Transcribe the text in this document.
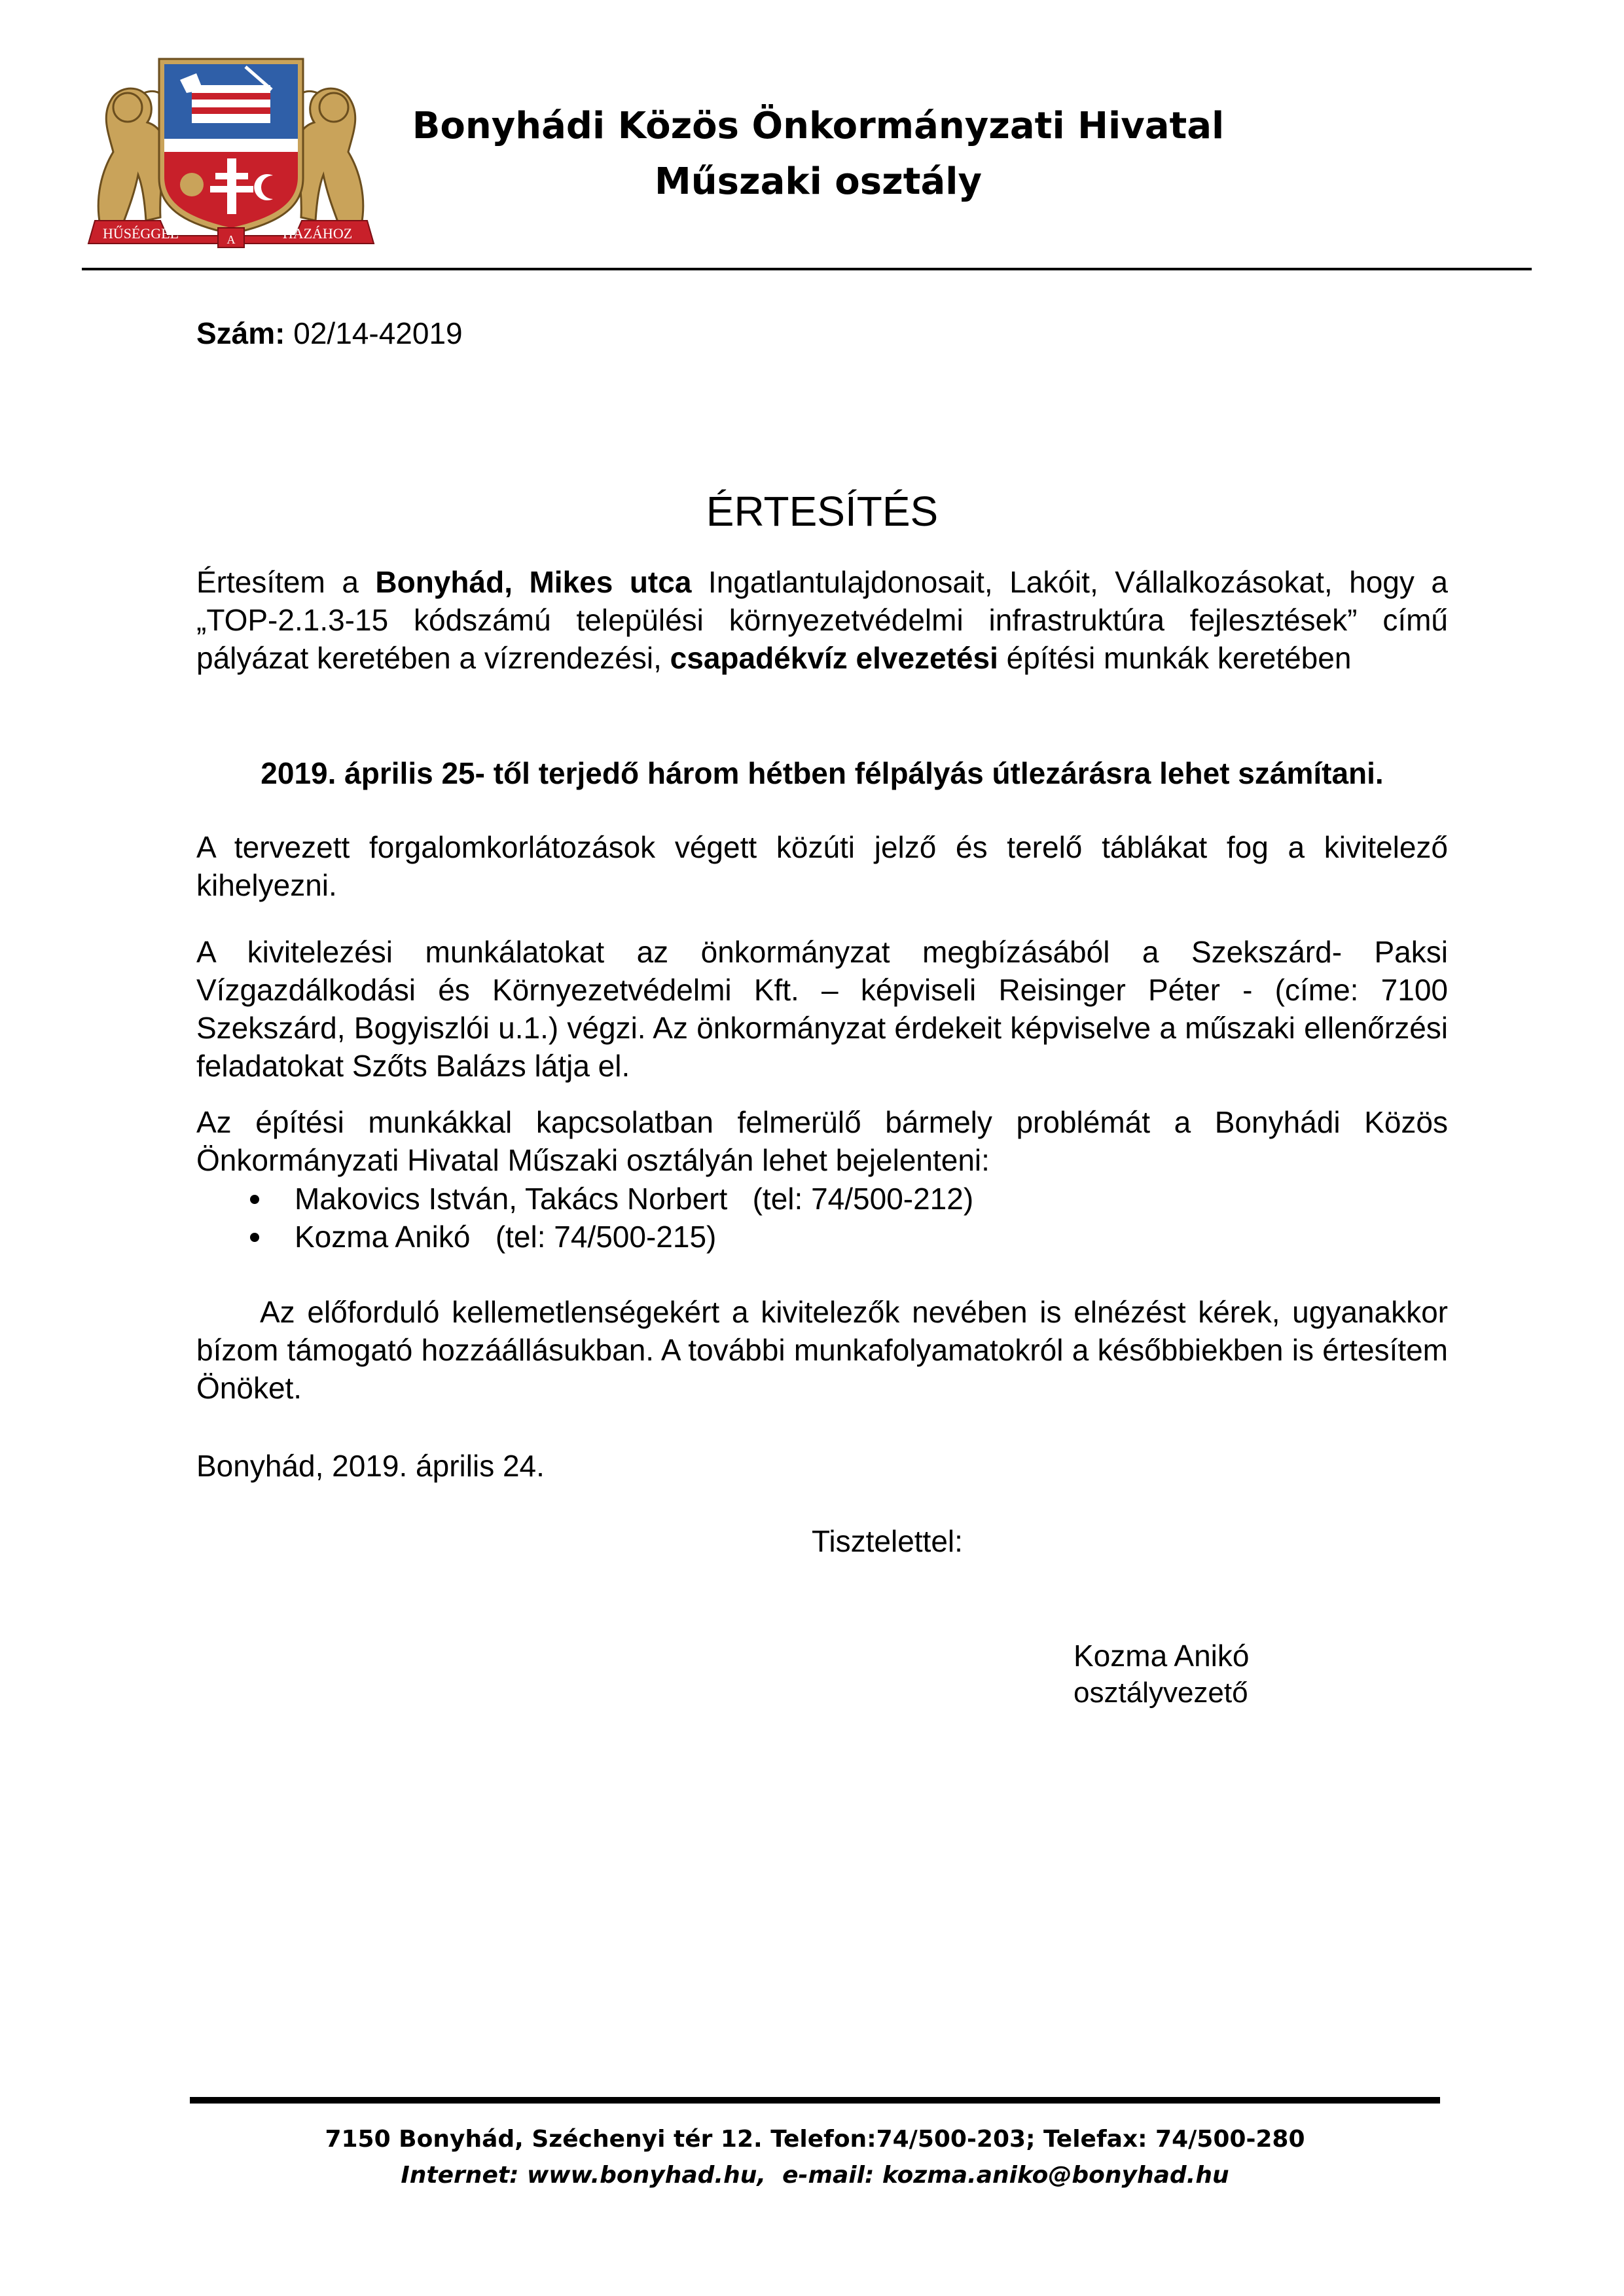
HŰSÉGGEL	A	HAZÁHOZ
Bonyhádi Közös Önkormányzati Hivatal
Műszaki osztály
Szám: 02/14-42019
ÉRTESÍTÉS
Értesítem a Bonyhád, Mikes utca Ingatlantulajdonosait, Lakóit, Vállalkozásokat, hogy a „TOP-2.1.3-15 kódszámú települési környezetvédelmi infrastruktúra fejlesztések” című pályázat keretében a vízrendezési, csapadékvíz elvezetési építési munkák keretében
2019. április 25- től terjedő három hétben félpályás útlezárásra lehet számítani.
A tervezett forgalomkorlátozások végett közúti jelző és terelő táblákat fog a kivitelező kihelyezni.
A kivitelezési munkálatokat az önkormányzat megbízásából a Szekszárd- Paksi Vízgazdálkodási és Környezetvédelmi Kft. – képviseli Reisinger Péter - (címe: 7100 Szekszárd, Bogyiszlói u.1.) végzi. Az önkormányzat érdekeit képviselve a műszaki ellenőrzési feladatokat Szőts Balázs látja el.
Az építési munkákkal kapcsolatban felmerülő bármely problémát a Bonyhádi Közös Önkormányzati Hivatal Műszaki osztályán lehet bejelenteni:
Makovics István, Takács Norbert   (tel: 74/500-212)
Kozma Anikó   (tel: 74/500-215)
Az előforduló kellemetlenségekért a kivitelezők nevében is elnézést kérek, ugyanakkor bízom támogató hozzáállásukban. A további munkafolyamatokról a későbbiekben is értesítem Önöket.
Bonyhád, 2019. április 24.
Tisztelettel:
Kozma Anikó
osztályvezető
7150 Bonyhád, Széchenyi tér 12. Telefon:74/500-203; Telefax: 74/500-280
Internet: www.bonyhad.hu,  e-mail: kozma.aniko@bonyhad.hu
